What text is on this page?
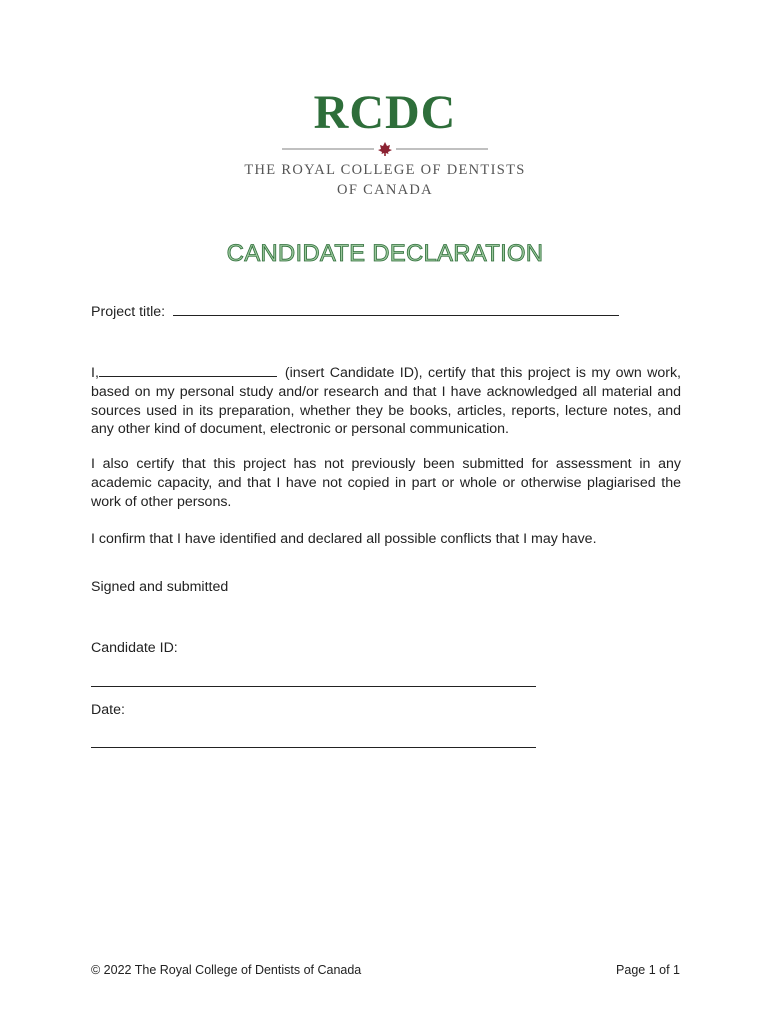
RCDC
THE ROYAL COLLEGE OF DENTISTS
OF CANADA
CANDIDATE DECLARATION
Project title:
I,	(insert Candidate ID), certify that this project is my own work, based on my personal study and/or research and that I have acknowledged all material and sources used in its preparation, whether they be books, articles, reports, lecture notes, and any other kind of document, electronic or personal communication.
I also certify that this project has not previously been submitted for assessment in any academic capacity, and that I have not copied in part or whole or otherwise plagiarised the work of other persons.
I confirm that I have identified and declared all possible conflicts that I may have.
Signed and submitted
Candidate ID:
Date:
© 2022 The Royal College of Dentists of Canada	Page 1 of 1
